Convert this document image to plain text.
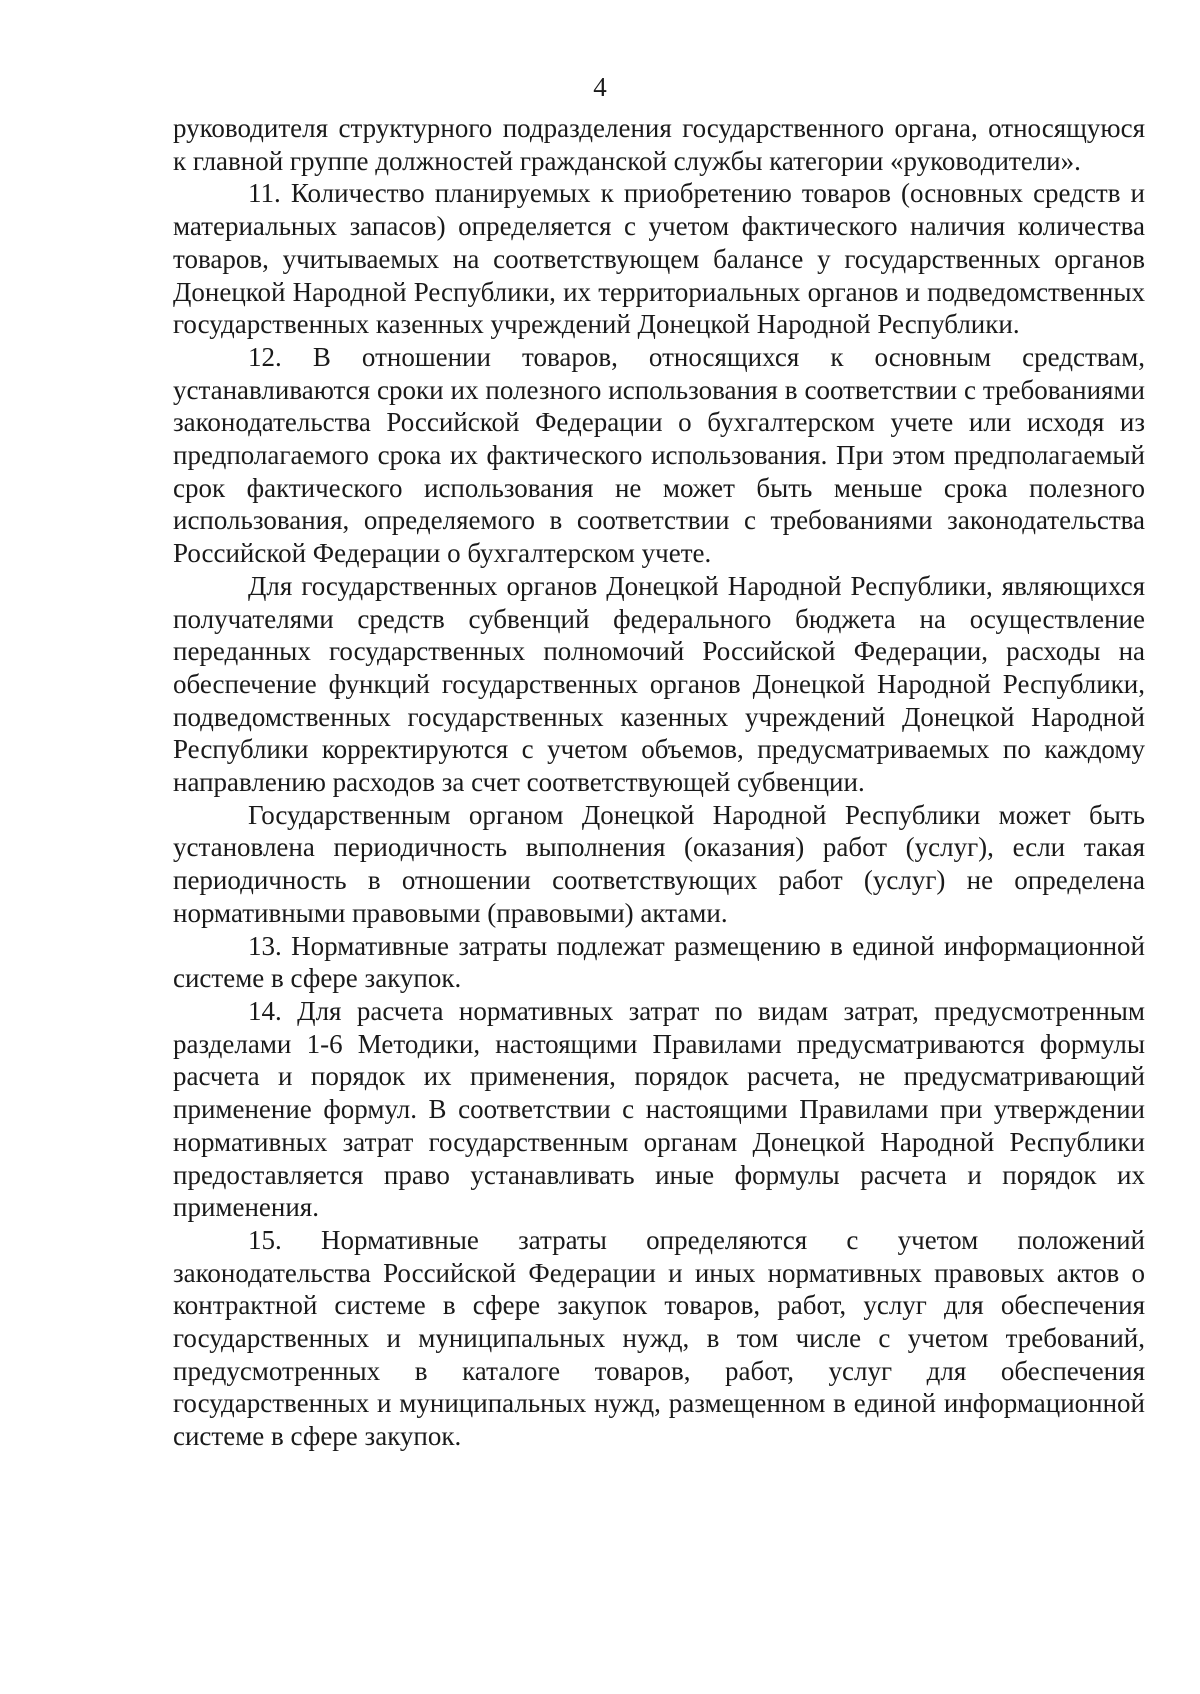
4

руководителя структурного подразделения государственного органа, относящуюся к главной группе должностей гражданской службы категории «руководители».

11. Количество планируемых к приобретению товаров (основных средств и материальных запасов) определяется с учетом фактического наличия количества товаров, учитываемых на соответствующем балансе у государственных органов Донецкой Народной Республики, их территориальных органов и подведомственных государственных казенных учреждений Донецкой Народной Республики.

12. В отношении товаров, относящихся к основным средствам, устанавливаются сроки их полезного использования в соответствии с требованиями законодательства Российской Федерации о бухгалтерском учете или исходя из предполагаемого срока их фактического использования. При этом предполагаемый срок фактического использования не может быть меньше срока полезного использования, определяемого в соответствии с требованиями законодательства Российской Федерации о бухгалтерском учете.

Для государственных органов Донецкой Народной Республики, являющихся получателями средств субвенций федерального бюджета на осуществление переданных государственных полномочий Российской Федерации, расходы на обеспечение функций государственных органов Донецкой Народной Республики, подведомственных государственных казенных учреждений Донецкой Народной Республики корректируются с учетом объемов, предусматриваемых по каждому направлению расходов за счет соответствующей субвенции.

Государственным органом Донецкой Народной Республики может быть установлена периодичность выполнения (оказания) работ (услуг), если такая периодичность в отношении соответствующих работ (услуг) не определена нормативными правовыми (правовыми) актами.

13. Нормативные затраты подлежат размещению в единой информационной системе в сфере закупок.

14. Для расчета нормативных затрат по видам затрат, предусмотренным разделами 1-6 Методики, настоящими Правилами предусматриваются формулы расчета и порядок их применения, порядок расчета, не предусматривающий применение формул. В соответствии с настоящими Правилами при утверждении нормативных затрат государственным органам Донецкой Народной Республики предоставляется право устанавливать иные формулы расчета и порядок их применения.

15. Нормативные затраты определяются с учетом положений законодательства Российской Федерации и иных нормативных правовых актов о контрактной системе в сфере закупок товаров, работ, услуг для обеспечения государственных и муниципальных нужд, в том числе с учетом требований, предусмотренных в каталоге товаров, работ, услуг для обеспечения государственных и муниципальных нужд, размещенном в единой информационной системе в сфере закупок.
